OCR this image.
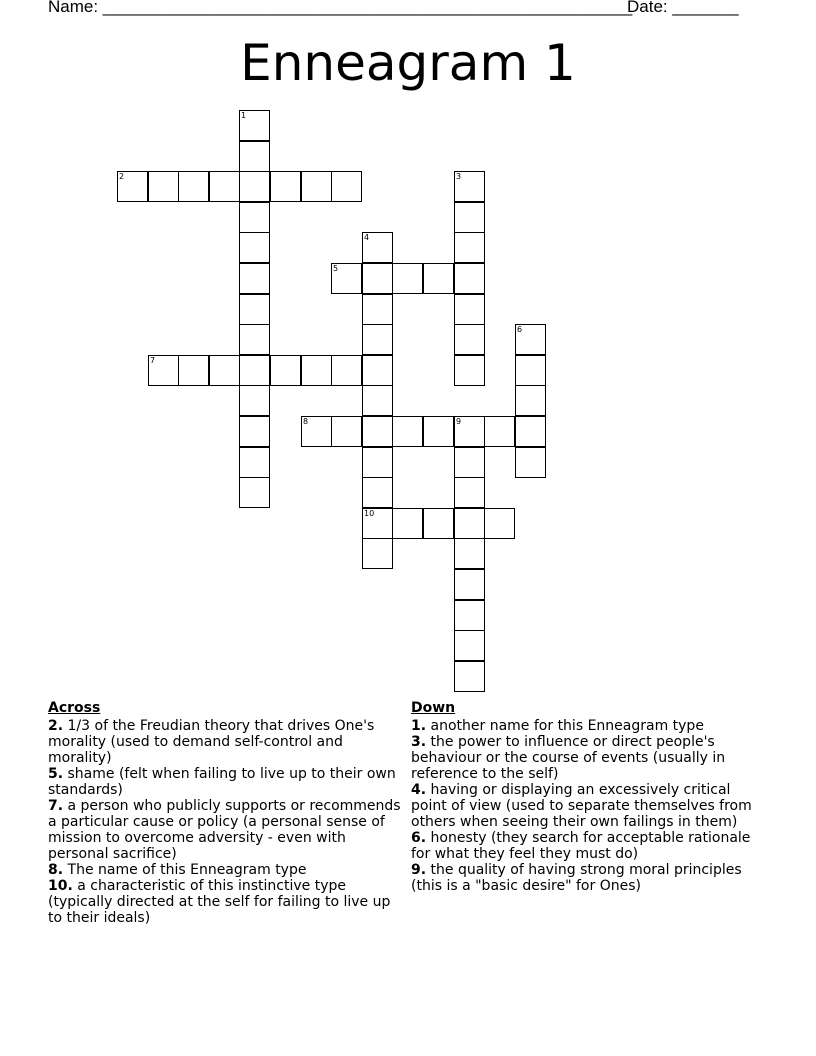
Name: ________________________________________________________
Date: _______
Enneagram 1
1
2	3
4
10
5
6
7
8	9
Across

2. 1/3 of the Freudian theory that drives One's morality (used to demand self-control and morality)

5. shame (felt when failing to live up to their own standards)

7. a person who publicly supports or recommends a particular cause or policy (a personal sense of mission to overcome adversity - even with personal sacrifice)

8. The name of this Enneagram type

10. a characteristic of this instinctive type (typically directed at the self for failing to live up to their ideals)

Down

1. another name for this Enneagram type

3. the power to influence or direct people's behaviour or the course of events (usually in reference to the self)

4. having or displaying an excessively critical point of view (used to separate themselves from others when seeing their own failings in them)

6. honesty (they search for acceptable rationale for what they feel they must do)

9. the quality of having strong moral principles (this is a "basic desire" for Ones)
